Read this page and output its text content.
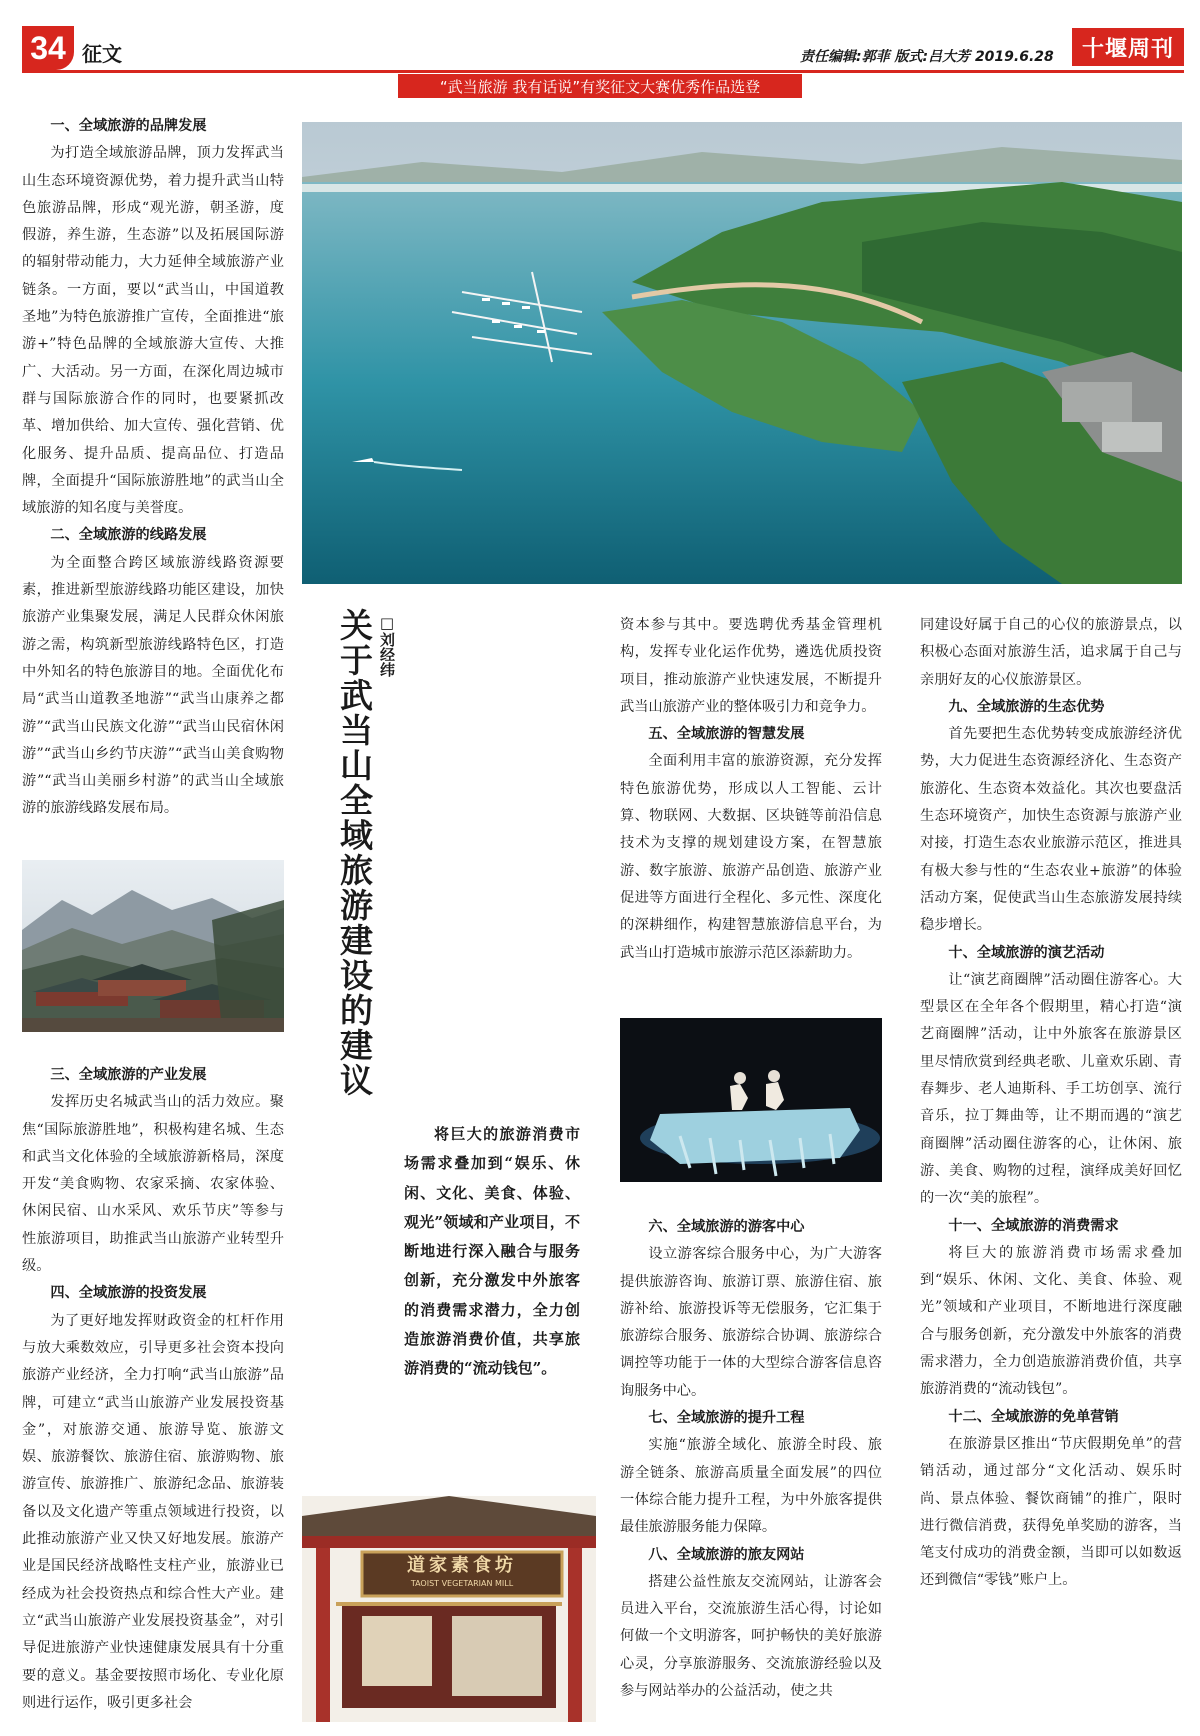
34 征文	责任编辑:郭菲 版式:吕大芳 2019.6.28	十堰周刊
“武当旅游 我有话说”有奖征文大赛优秀作品选登
一、全域旅游的品牌发展

为打造全域旅游品牌，顶力发挥武当山生态环境资源优势，着力提升武当山特色旅游品牌，形成“观光游，朝圣游，度假游，养生游，生态游”以及拓展国际游的辐射带动能力，大力延伸全域旅游产业链条。一方面，要以“武当山，中国道教圣地”为特色旅游推广宣传，全面推进“旅游+”特色品牌的全域旅游大宣传、大推广、大活动。另一方面，在深化周边城市群与国际旅游合作的同时，也要紧抓改革、增加供给、加大宣传、强化营销、优化服务、提升品质、提高品位、打造品牌，全面提升“国际旅游胜地”的武当山全域旅游的知名度与美誉度。

二、全域旅游的线路发展

为全面整合跨区域旅游线路资源要素，推进新型旅游线路功能区建设，加快旅游产业集聚发展，满足人民群众休闲旅游之需，构筑新型旅游线路特色区，打造中外知名的特色旅游目的地。全面优化布局“武当山道教圣地游”“武当山康养之都游”“武当山民族文化游”“武当山民宿休闲游”“武当山乡约节庆游”“武当山美食购物游”“武当山美丽乡村游”的武当山全域旅游的旅游线路发展布局。

三、全域旅游的产业发展

发挥历史名城武当山的活力效应。聚焦“国际旅游胜地”，积极构建名城、生态和武当文化体验的全域旅游新格局，深度开发“美食购物、农家采摘、农家体验、休闲民宿、山水采风、欢乐节庆”等参与性旅游项目，助推武当山旅游产业转型升级。

四、全域旅游的投资发展

为了更好地发挥财政资金的杠杆作用与放大乘数效应，引导更多社会资本投向旅游产业经济，全力打响“武当山旅游”品牌，可建立“武当山旅游产业发展投资基金”，对旅游交通、旅游导览、旅游文娱、旅游餐饮、旅游住宿、旅游购物、旅游宣传、旅游推广、旅游纪念品、旅游装备以及文化遗产等重点领域进行投资，以此推动旅游产业又快又好地发展。旅游产业是国民经济战略性支柱产业，旅游业已经成为社会投资热点和综合性大产业。建立“武当山旅游产业发展投资基金”，对引导促进旅游产业快速健康发展具有十分重要的意义。基金要按照市场化、专业化原则进行运作，吸引更多社会

关于武当山全域旅游建设的建议 □刘经纬

将巨大的旅游消费市场需求叠加到“娱乐、休闲、文化、美食、体验、观光”领域和产业项目，不断地进行深入融合与服务创新，充分激发中外旅客的消费需求潜力，全力创造旅游消费价值，共享旅游消费的“流动钱包”。

道家素食坊
TAOIST VEGETARIAN MILL

资本参与其中。要选聘优秀基金管理机构，发挥专业化运作优势，遴选优质投资项目，推动旅游产业快速发展，不断提升武当山旅游产业的整体吸引力和竞争力。

五、全域旅游的智慧发展

全面利用丰富的旅游资源，充分发挥特色旅游优势，形成以人工智能、云计算、物联网、大数据、区块链等前沿信息技术为支撑的规划建设方案，在智慧旅游、数字旅游、旅游产品创造、旅游产业促进等方面进行全程化、多元性、深度化的深耕细作，构建智慧旅游信息平台，为武当山打造城市旅游示范区添薪助力。

六、全域旅游的游客中心

设立游客综合服务中心，为广大游客提供旅游咨询、旅游订票、旅游住宿、旅游补给、旅游投诉等无偿服务，它汇集于旅游综合服务、旅游综合协调、旅游综合调控等功能于一体的大型综合游客信息咨询服务中心。

七、全域旅游的提升工程

实施“旅游全域化、旅游全时段、旅游全链条、旅游高质量全面发展”的四位一体综合能力提升工程，为中外旅客提供最佳旅游服务能力保障。

八、全域旅游的旅友网站

搭建公益性旅友交流网站，让游客会员进入平台，交流旅游生活心得，讨论如何做一个文明游客，呵护畅快的美好旅游心灵，分享旅游服务、交流旅游经验以及参与网站举办的公益活动，使之共

同建设好属于自己的心仪的旅游景点，以积极心态面对旅游生活，追求属于自己与亲朋好友的心仪旅游景区。

九、全域旅游的生态优势

首先要把生态优势转变成旅游经济优势，大力促进生态资源经济化、生态资产旅游化、生态资本效益化。其次也要盘活生态环境资产，加快生态资源与旅游产业对接，打造生态农业旅游示范区，推进具有极大参与性的“生态农业+旅游”的体验活动方案，促使武当山生态旅游发展持续稳步增长。

十、全域旅游的演艺活动

让“演艺商圈牌”活动圈住游客心。大型景区在全年各个假期里，精心打造“演艺商圈牌”活动，让中外旅客在旅游景区里尽情欣赏到经典老歌、儿童欢乐剧、青春舞步、老人迪斯科、手工坊创享、流行音乐，拉丁舞曲等，让不期而遇的“演艺商圈牌”活动圈住游客的心，让休闲、旅游、美食、购物的过程，演绎成美好回忆的一次“美的旅程”。

十一、全域旅游的消费需求

将巨大的旅游消费市场需求叠加到“娱乐、休闲、文化、美食、体验、观光”领域和产业项目，不断地进行深度融合与服务创新，充分激发中外旅客的消费需求潜力，全力创造旅游消费价值，共享旅游消费的“流动钱包”。

十二、全域旅游的免单营销

在旅游景区推出“节庆假期免单”的营销活动，通过部分“文化活动、娱乐时尚、景点体验、餐饮商铺”的推广，限时进行微信消费，获得免单奖励的游客，当笔支付成功的消费金额，当即可以如数返还到微信“零钱”账户上。
